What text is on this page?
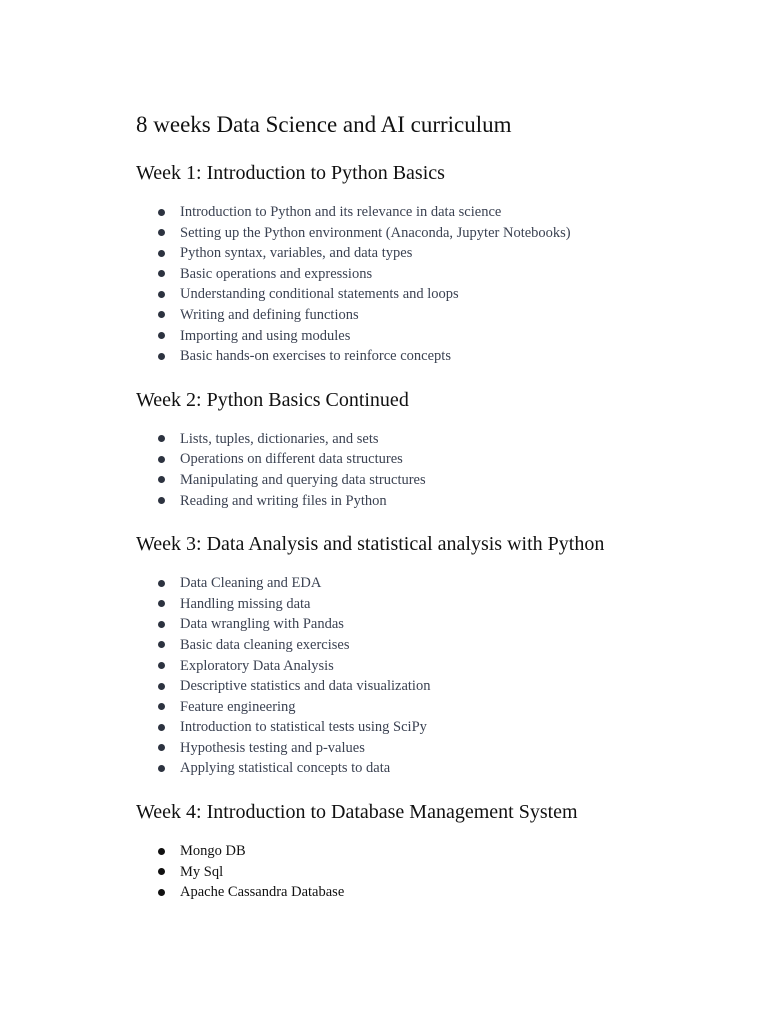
8 weeks Data Science and AI curriculum
Week 1: Introduction to Python Basics
Introduction to Python and its relevance in data science
Setting up the Python environment (Anaconda, Jupyter Notebooks)
Python syntax, variables, and data types
Basic operations and expressions
Understanding conditional statements and loops
Writing and defining functions
Importing and using modules
Basic hands-on exercises to reinforce concepts
Week 2: Python Basics Continued
Lists, tuples, dictionaries, and sets
Operations on different data structures
Manipulating and querying data structures
Reading and writing files in Python
Week 3: Data Analysis and statistical analysis with Python
Data Cleaning and EDA
Handling missing data
Data wrangling with Pandas
Basic data cleaning exercises
Exploratory Data Analysis
Descriptive statistics and data visualization
Feature engineering
Introduction to statistical tests using SciPy
Hypothesis testing and p-values
Applying statistical concepts to data
Week 4: Introduction to Database Management System
Mongo DB
My Sql
Apache Cassandra Database
